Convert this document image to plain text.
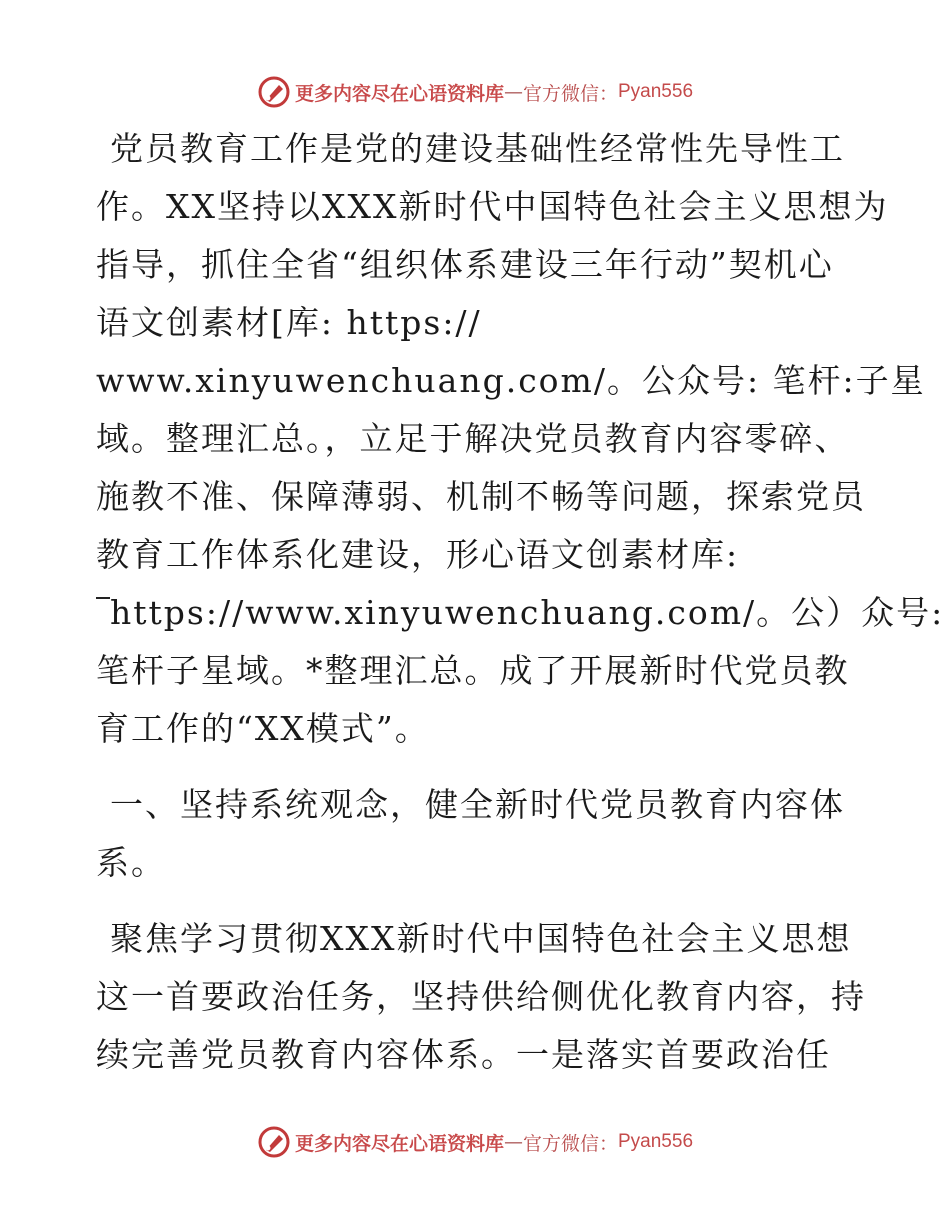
更多内容尽在心语资料库 — 官方微信： Pyan556
党员教育工作是党的建设基础性经常性先导性工
作。XX坚持以XXX新时代中国特色社会主义思想为
指导，抓住全省“组织体系建设三年行动”契机心
语文创素材[库: https://
www.xinyuwenchuang.com/。公众号: 笔杆:子星
域。整理汇总。，立足于解决党员教育内容零碎、
施教不准、保障薄弱、机制不畅等问题，探索党员
教育工作体系化建设，形心语文创素材库:
https://www.xinyuwenchuang.com/。公）众号:
笔杆子星域。*整理汇总。成了开展新时代党员教
育工作的“XX模式”。
一、坚持系统观念，健全新时代党员教育内容体
系。
聚焦学习贯彻XXX新时代中国特色社会主义思想
这一首要政治任务，坚持供给侧优化教育内容，持
续完善党员教育内容体系。一是落实首要政治任
更多内容尽在心语资料库 — 官方微信： Pyan556
